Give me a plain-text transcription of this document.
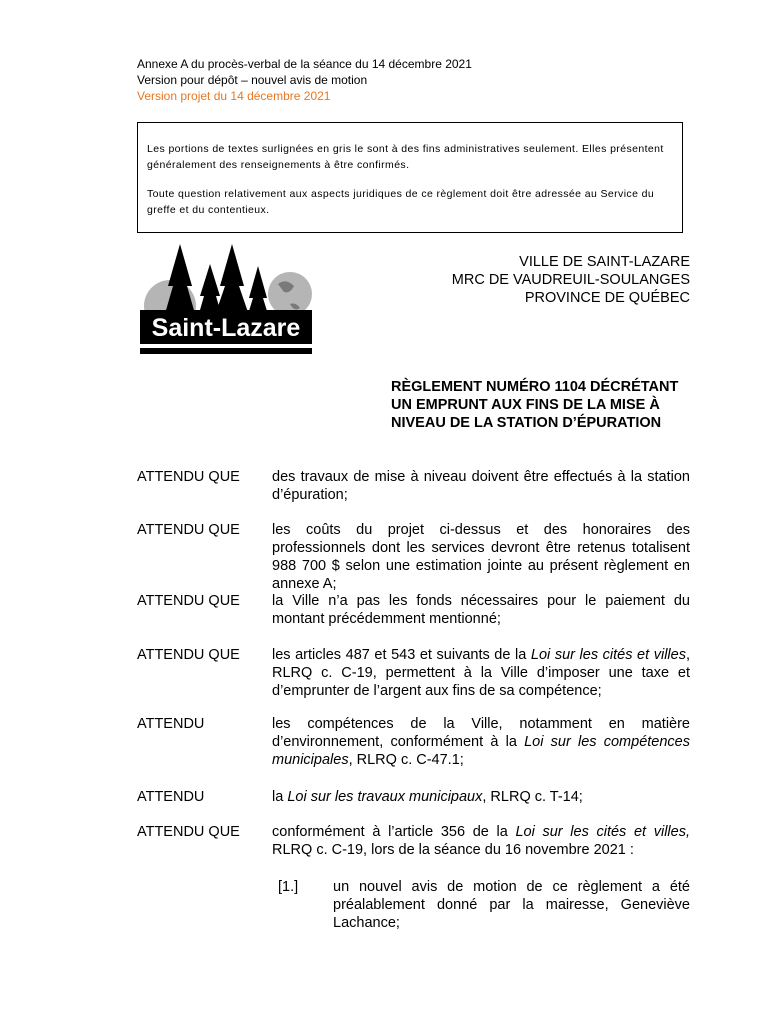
Annexe A du procès-verbal de la séance du 14 décembre 2021
Version pour dépôt – nouvel avis de motion
Version projet du 14 décembre 2021

Les portions de textes surlignées en gris le sont à des fins administratives seulement. Elles présentent généralement des renseignements à être confirmés.

Toute question relativement aux aspects juridiques de ce règlement doit être adressée au Service du greffe et du contentieux.

Saint-Lazare
VILLE DE SAINT-LAZARE
MRC DE VAUDREUIL-SOULANGES
PROVINCE DE QUÉBEC
RÈGLEMENT NUMÉRO 1104 DÉCRÉTANT UN EMPRUNT AUX FINS DE LA MISE À NIVEAU DE LA STATION D’ÉPURATION
ATTENDU QUE des travaux de mise à niveau doivent être effectués à la station d’épuration;
ATTENDU QUE les coûts du projet ci-dessus et des honoraires des professionnels dont les services devront être retenus totalisent 988 700 $ selon une estimation jointe au présent règlement en annexe A;
ATTENDU QUE la Ville n’a pas les fonds nécessaires pour le paiement du montant précédemment mentionné;
ATTENDU QUE les articles 487 et 543 et suivants de la Loi sur les cités et villes, RLRQ c. C-19, permettent à la Ville d’imposer une taxe et d’emprunter de l’argent aux fins de sa compétence;
ATTENDU	les compétences de la Ville, notamment en matière d’environnement, conformément à la Loi sur les compétences municipales, RLRQ c. C-47.1;
ATTENDU	la Loi sur les travaux municipaux, RLRQ c. T-14;
ATTENDU QUE conformément à l’article 356 de la Loi sur les cités et villes, RLRQ c. C-19, lors de la séance du 16 novembre 2021 :
[1.] un nouvel avis de motion de ce règlement a été préalablement donné par la mairesse, Geneviève Lachance;
